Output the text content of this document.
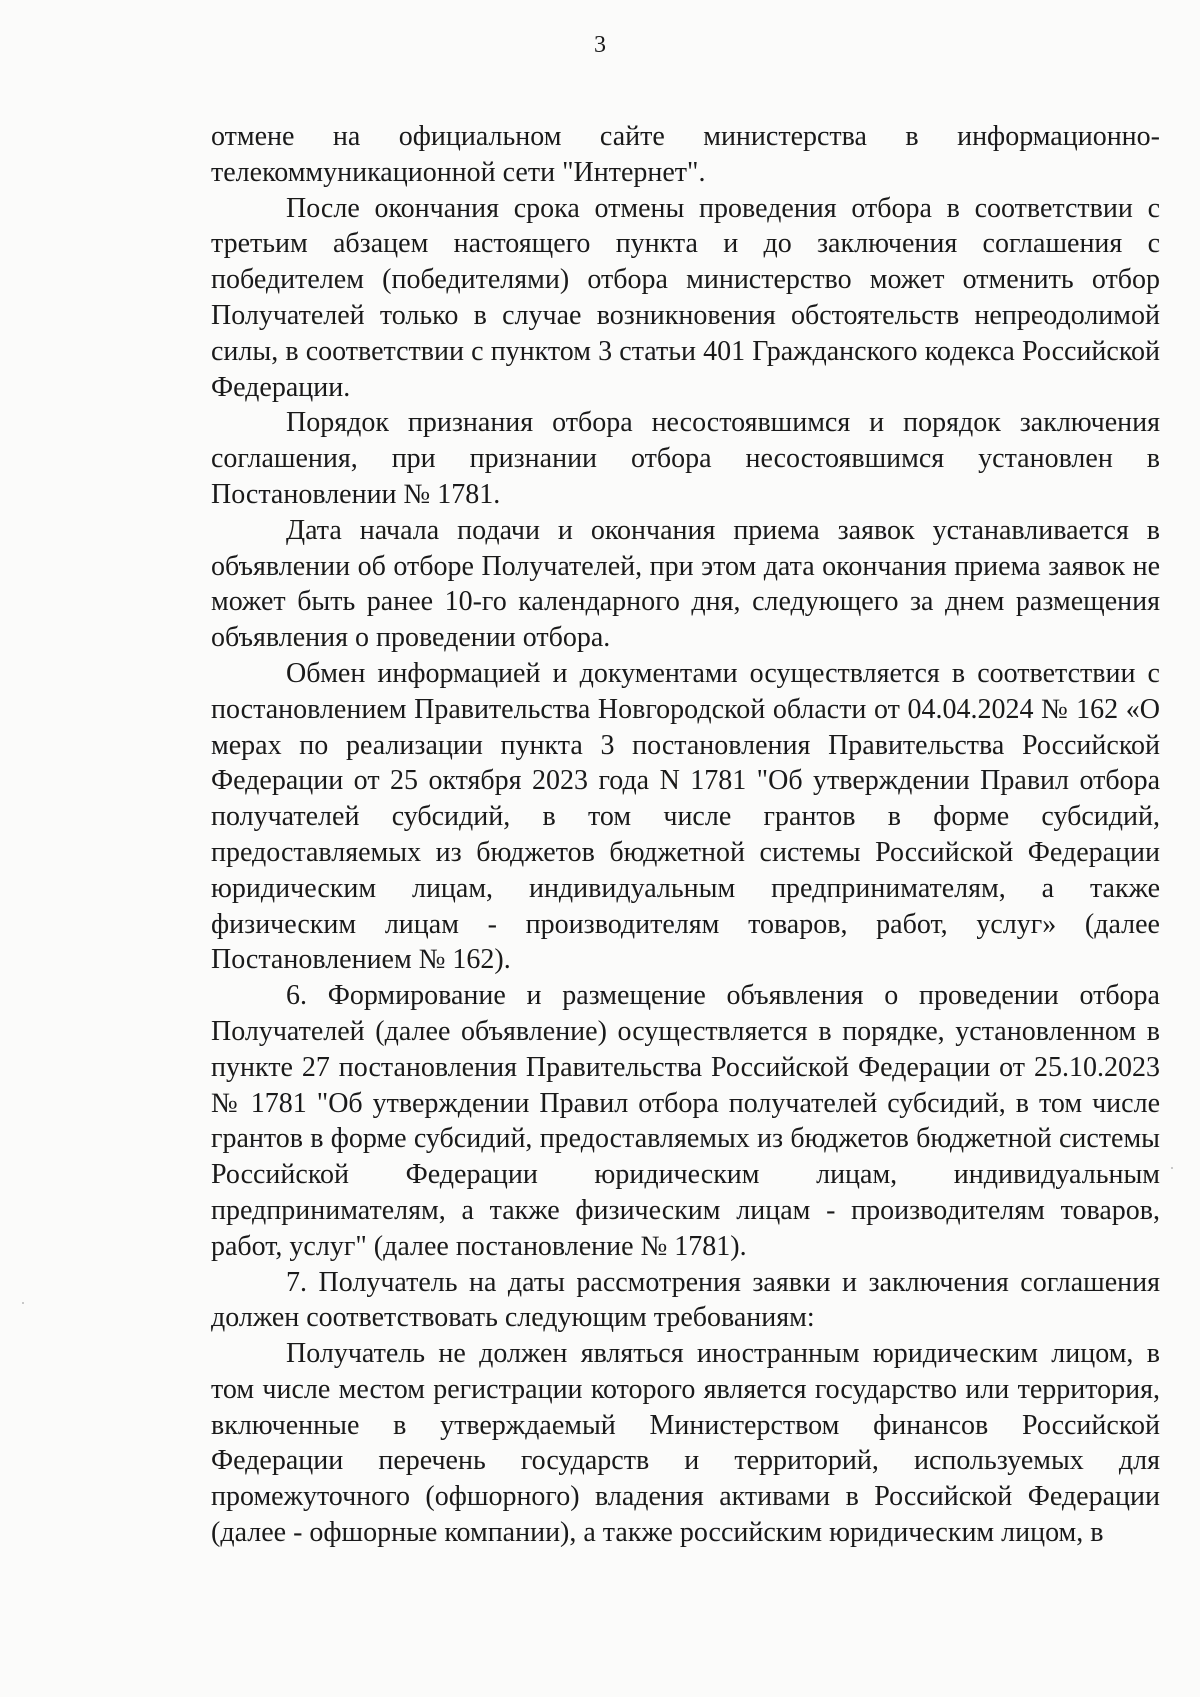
3

отмене на официальном сайте министерства в информационно-телекоммуникационной сети "Интернет".

После окончания срока отмены проведения отбора в соответствии с третьим абзацем настоящего пункта и до заключения соглашения с победителем (победителями) отбора министерство может отменить отбор Получателей только в случае возникновения обстоятельств непреодолимой силы, в соответствии с пунктом 3 статьи 401 Гражданского кодекса Российской Федерации.

Порядок признания отбора несостоявшимся и порядок заключения соглашения, при признании отбора несостоявшимся установлен в Постановлении № 1781.

Дата начала подачи и окончания приема заявок устанавливается в объявлении об отборе Получателей, при этом дата окончания приема заявок не может быть ранее 10-го календарного дня, следующего за днем размещения объявления о проведении отбора.

Обмен информацией и документами осуществляется в соответствии с постановлением Правительства Новгородской области от 04.04.2024 № 162 «О мерах по реализации пункта 3 постановления Правительства Российской Федерации от 25 октября 2023 года N 1781 "Об утверждении Правил отбора получателей субсидий, в том числе грантов в форме субсидий, предоставляемых из бюджетов бюджетной системы Российской Федерации юридическим лицам, индивидуальным предпринимателям, а также физическим лицам - производителям товаров, работ, услуг» (далее Постановлением № 162).

6. Формирование и размещение объявления о проведении отбора Получателей (далее объявление) осуществляется в порядке, установленном в пункте 27 постановления Правительства Российской Федерации от 25.10.2023 № 1781 "Об утверждении Правил отбора получателей субсидий, в том числе грантов в форме субсидий, предоставляемых из бюджетов бюджетной системы Российской Федерации юридическим лицам, индивидуальным предпринимателям, а также физическим лицам - производителям товаров, работ, услуг" (далее постановление № 1781).

7. Получатель на даты рассмотрения заявки и заключения соглашения должен соответствовать следующим требованиям:

Получатель не должен являться иностранным юридическим лицом, в том числе местом регистрации которого является государство или территория, включенные в утверждаемый Министерством финансов Российской Федерации перечень государств и территорий, используемых для промежуточного (офшорного) владения активами в Российской Федерации (далее - офшорные компании), а также российским юридическим лицом, в
